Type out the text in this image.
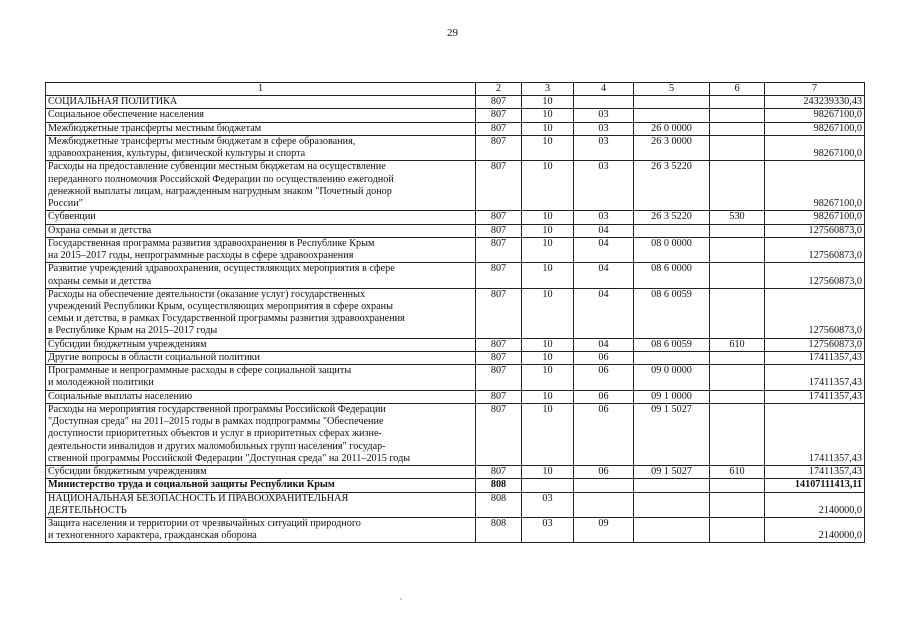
29
1	2	3	4	5	6	7
СОЦИАЛЬНАЯ ПОЛИТИКА	807	10				243239330,43
Социальное обеспечение населения	807	10	03			98267100,0
Межбюджетные трансферты местным бюджетам	807	10	03	26 0 0000		98267100,0
Межбюджетные трансферты местным бюджетам в сфере образования,
здравоохранения, культуры, физической культуры и спорта	807	10	03	26 3 0000		98267100,0
Расходы на предоставление субвенции местным бюджетам на осуществление
переданного полномочия Российской Федерации по осуществлению ежегодной
денежной выплаты лицам, награжденным нагрудным знаком "Почетный донор
России"	807	10	03	26 3 5220		98267100,0
Субвенции	807	10	03	26 3 5220	530	98267100,0
Охрана семьи и детства	807	10	04			127560873,0
Государственная программа развития здравоохранения в Республике Крым
на 2015–2017 годы, непрограммные расходы в сфере здравоохранения	807	10	04	08 0 0000		127560873,0
Развитие учреждений здравоохранения, осуществляющих мероприятия в сфере
охраны семьи и детства	807	10	04	08 6 0000		127560873,0
Расходы на обеспечение деятельности (оказание услуг) государственных
учреждений Республики Крым, осуществляющих мероприятия в сфере охраны
семьи и детства, в рамках Государственной программы развития здравоохранения
в Республике Крым на 2015–2017 годы	807	10	04	08 6 0059		127560873,0
Субсидии бюджетным учреждениям	807	10	04	08 6 0059	610	127560873,0
Другие вопросы в области социальной политики	807	10	06			17411357,43
Программные и непрограммные расходы в сфере социальной защиты
и молодежной политики	807	10	06	09 0 0000		17411357,43
Социальные выплаты населению	807	10	06	09 1 0000		17411357,43
Расходы на мероприятия государственной программы Российской Федерации
"Доступная среда" на 2011–2015 годы в рамках подпрограммы "Обеспечение
доступности приоритетных объектов и услуг в приоритетных сферах жизне-
деятельности инвалидов и других маломобильных групп населения" государ-
ственной программы Российской Федерации "Доступная среда" на 2011–2015 годы	807	10	06	09 1 5027		17411357,43
Субсидии бюджетным учреждениям	807	10	06	09 1 5027	610	17411357,43
Министерство труда и социальной защиты Республики Крым	808					14107111413,11
НАЦИОНАЛЬНАЯ БЕЗОПАСНОСТЬ И ПРАВООХРАНИТЕЛЬНАЯ
ДЕЯТЕЛЬНОСТЬ	808	03				2140000,0
Защита населения и территории от чрезвычайных ситуаций природного
и техногенного характера, гражданская оборона	808	03	09			2140000,0
